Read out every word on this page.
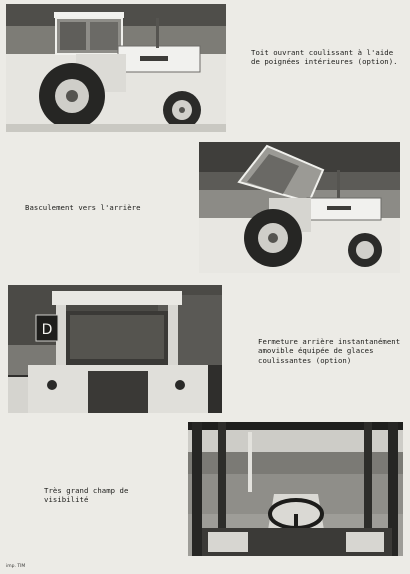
Toit ouvrant coulissant à l'aide
de poignées intérieures (option).
Basculement vers l'arrière
D
Fermeture arrière instantanément
amovible équipée de glaces
coulissantes (option)
Très grand champ de
visibilité
imp. TIM
